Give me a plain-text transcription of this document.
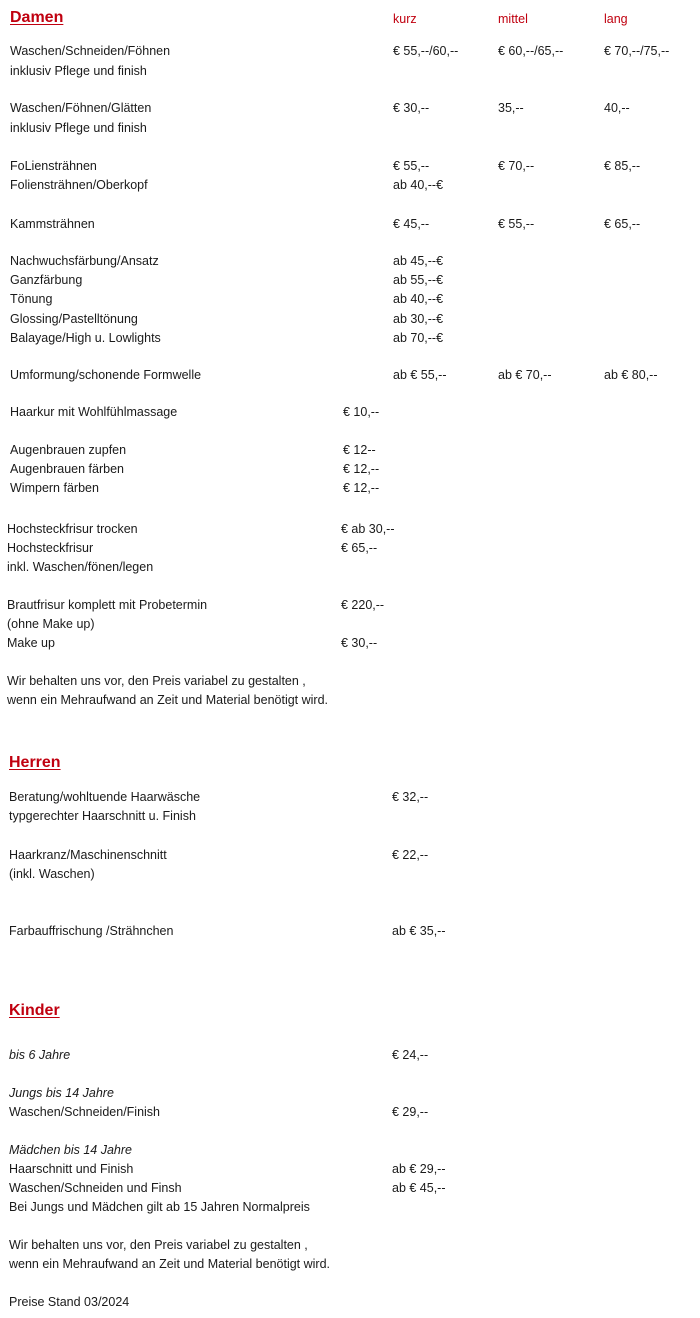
Damen	kurz	mittel	lang
Waschen/Schneiden/Föhnen
inklusiv Pflege und finish
€ 55,--/60,--	€ 60,--/65,--	€ 70,--/75,--
Waschen/Föhnen/Glätten
inklusiv Pflege und finish
€ 30,--	35,--	40,--
FoLiensträhnen	€ 55,--	€ 70,--	€ 85,--
Foliensträhnen/Oberkopf	ab 40,--€
Kammsträhnen	€ 45,--	€ 55,--	€ 65,--
Nachwuchsfärbung/Ansatz	ab 45,--€
Ganzfärbung	ab 55,--€
Tönung	ab 40,--€
Glossing/Pastelltönung	ab 30,--€
Balayage/High u. Lowlights	ab 70,--€
Umformung/schonende Formwelle	ab € 55,--	ab € 70,--	ab € 80,--
Haarkur mit Wohlfühlmassage	€ 10,--
Augenbrauen zupfen	€ 12--
Augenbrauen färben	€ 12,--
Wimpern färben	€ 12,--
Hochsteckfrisur trocken	€ ab 30,--
Hochsteckfrisur	€ 65,--
inkl. Waschen/fönen/legen
Brautfrisur komplett mit Probetermin	€ 220,--
(ohne Make up)
Make up	€ 30,--
Wir behalten uns vor, den Preis variabel zu gestalten ,
wenn ein Mehraufwand an Zeit und Material benötigt wird.
Herren
Beratung/wohltuende Haarwäsche
typgerechter Haarschnitt u. Finish
€ 32,--
Haarkranz/Maschinenschnitt
(inkl. Waschen)
€ 22,--
Farbauffrischung /Strähnchen	ab € 35,--
Kinder
bis 6 Jahre	€ 24,--
Jungs bis 14 Jahre
Waschen/Schneiden/Finish	€ 29,--
Mädchen bis 14 Jahre
Haarschnitt und Finish	ab € 29,--
Waschen/Schneiden und Finsh	ab € 45,--
Bei Jungs und Mädchen gilt ab 15 Jahren Normalpreis
Wir behalten uns vor, den Preis variabel zu gestalten ,
wenn ein Mehraufwand an Zeit und Material benötigt wird.
Preise Stand 03/2024
